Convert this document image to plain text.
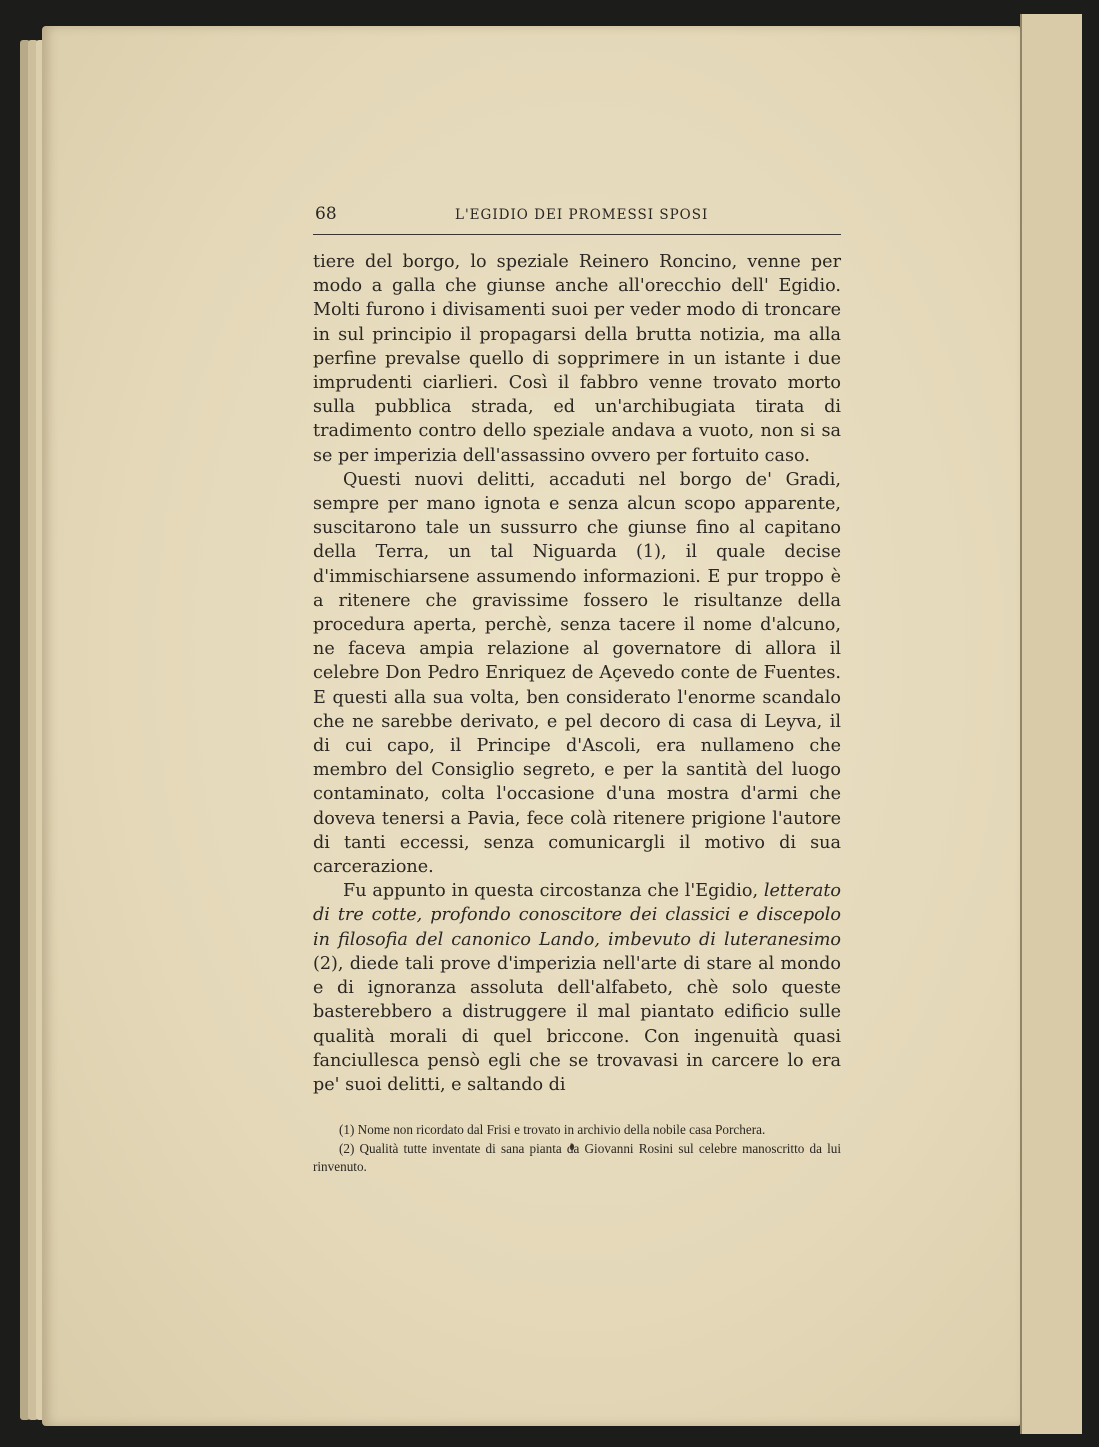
68	L'EGIDIO DEI PROMESSI SPOSI

tiere del borgo, lo speziale Reinero Roncino, venne per modo a galla che giunse anche all'orecchio dell' Egidio. Molti furono i divisamenti suoi per veder modo di troncare in sul principio il propagarsi della brutta notizia, ma alla perfine prevalse quello di sopprimere in un istante i due imprudenti ciarlieri. Così il fabbro venne trovato morto sulla pubblica strada, ed un'archibugiata tirata di tradimento contro dello speziale andava a vuoto, non si sa se per imperizia dell'assassino ovvero per fortuito caso.

Questi nuovi delitti, accaduti nel borgo de' Gradi, sempre per mano ignota e senza alcun scopo apparente, suscitarono tale un sussurro che giunse fino al capitano della Terra, un tal Niguarda (1), il quale decise d'immischiarsene assumendo informazioni. E pur troppo è a ritenere che gravissime fossero le risultanze della procedura aperta, perchè, senza tacere il nome d'alcuno, ne faceva ampia relazione al governatore di allora il celebre Don Pedro Enriquez de Açevedo conte de Fuentes. E questi alla sua volta, ben considerato l'enorme scandalo che ne sarebbe derivato, e pel decoro di casa di Leyva, il di cui capo, il Principe d'Ascoli, era nullameno che membro del Consiglio segreto, e per la santità del luogo contaminato, colta l'occasione d'una mostra d'armi che doveva tenersi a Pavia, fece colà ritenere prigione l'autore di tanti eccessi, senza comunicargli il motivo di sua carcerazione.

Fu appunto in questa circostanza che l'Egidio, letterato di tre cotte, profondo conoscitore dei classici e discepolo in filosofia del canonico Lando, imbevuto di luteranesimo (2), diede tali prove d'imperizia nell'arte di stare al mondo e di ignoranza assoluta dell'alfabeto, chè solo queste basterebbero a distruggere il mal piantato edificio sulle qualità morali di quel briccone. Con ingenuità quasi fanciullesca pensò egli che se trovavasi in carcere lo era pe' suoi delitti, e saltando di

(1) Nome non ricordato dal Frisi e trovato in archivio della nobile casa Porchera.

(2) Qualità tutte inventate di sana pianta da Giovanni Rosini sul celebre manoscritto da lui rinvenuto.
